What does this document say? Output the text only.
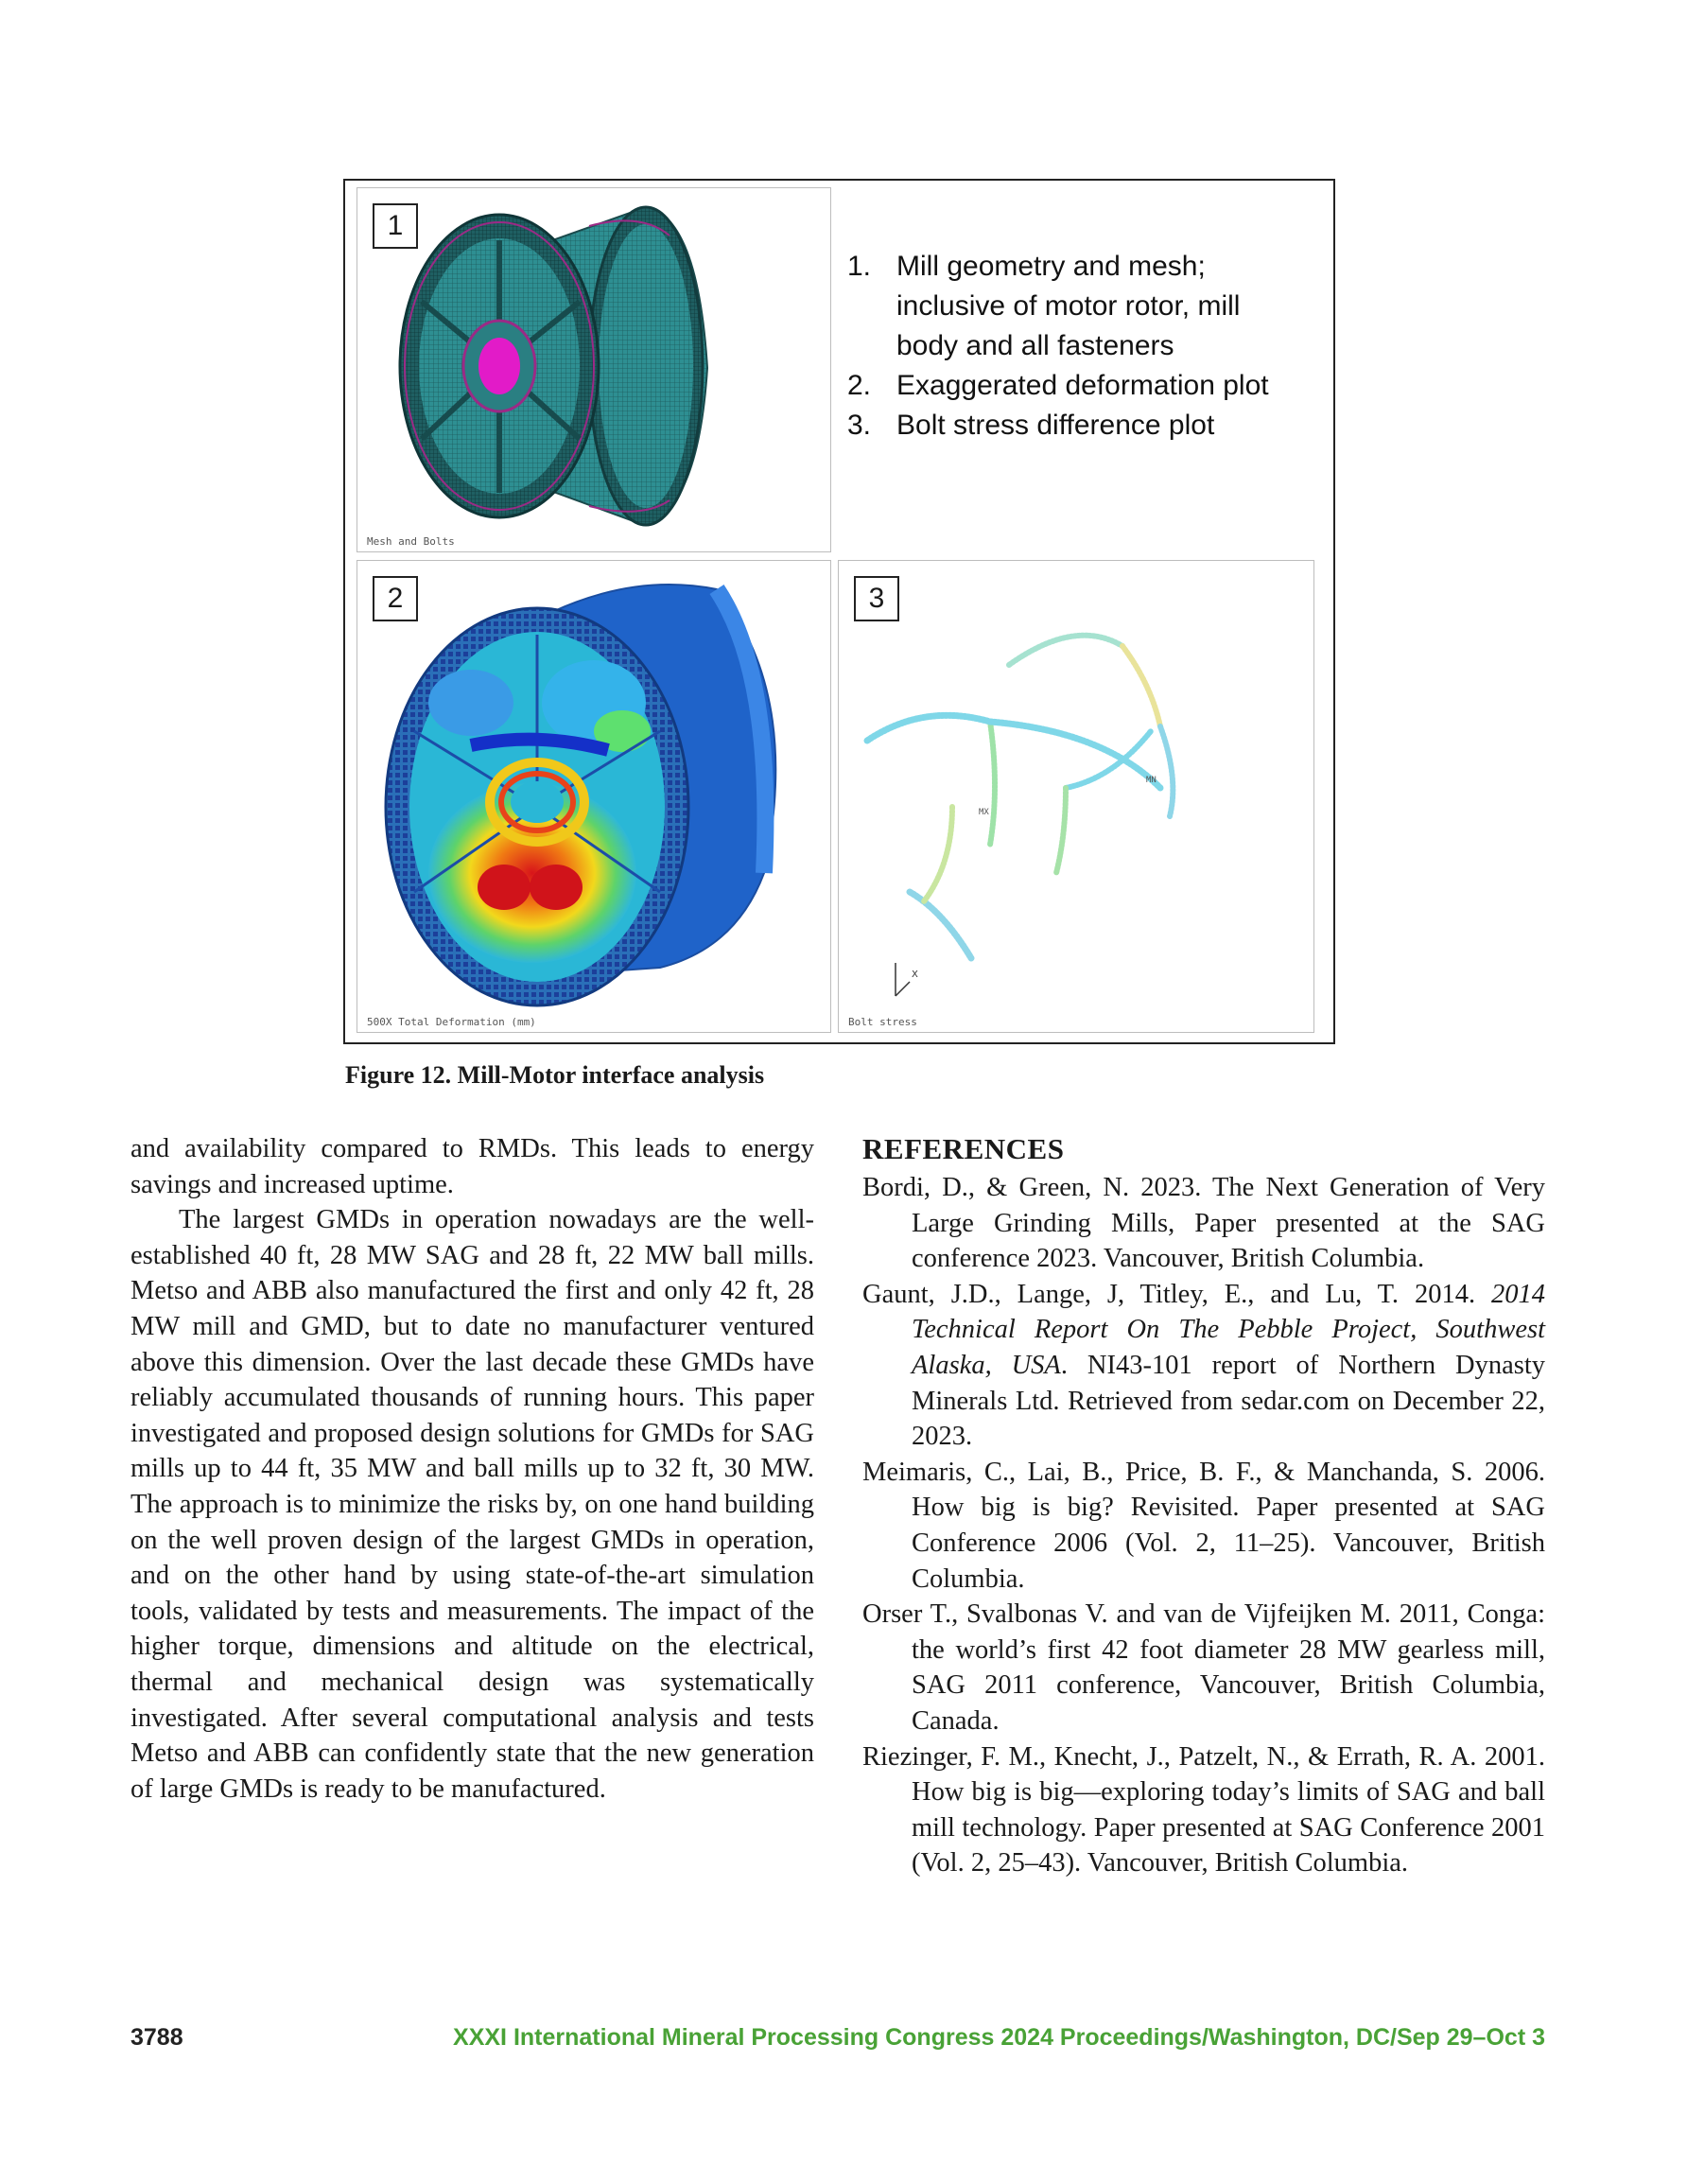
1
Mesh and Bolts
1. Mill geometry and mesh; inclusive of motor rotor, mill body and all fasteners
2. Exaggerated deformation plot
3. Bolt stress difference plot
2
500X Total Deformation (mm)
MX
MN
X
3
Bolt stress
Figure 12. Mill-Motor interface analysis

and availability compared to RMDs. This leads to energy savings and increased uptime.

The largest GMDs in operation nowadays are the well-established 40 ft, 28 MW SAG and 28 ft, 22 MW ball mills. Metso and ABB also manufactured the first and only 42 ft, 28 MW mill and GMD, but to date no manufacturer ventured above this dimension. Over the last decade these GMDs have reliably accumulated thousands of running hours. This paper investigated and proposed design solutions for GMDs for SAG mills up to 44 ft, 35 MW and ball mills up to 32 ft, 30 MW. The approach is to minimize the risks by, on one hand building on the well proven design of the largest GMDs in operation, and on the other hand by using state-of-the-art simulation tools, validated by tests and measurements. The impact of the higher torque, dimensions and altitude on the electrical, thermal and mechanical design was systematically investigated. After several computational analysis and tests Metso and ABB can confidently state that the new generation of large GMDs is ready to be manufactured.

REFERENCES

Bordi, D., & Green, N. 2023. The Next Generation of Very Large Grinding Mills, Paper presented at the SAG conference 2023. Vancouver, British Columbia.

Gaunt, J.D., Lange, J, Titley, E., and Lu, T. 2014. 2014 Technical Report On The Pebble Project, Southwest Alaska, USA. NI43-101 report of Northern Dynasty Minerals Ltd. Retrieved from sedar.com on December 22, 2023.

Meimaris, C., Lai, B., Price, B. F., & Manchanda, S. 2006. How big is big? Revisited. Paper presented at SAG Conference 2006 (Vol. 2, 11–25). Vancouver, British Columbia.

Orser T., Svalbonas V. and van de Vijfeijken M. 2011, Conga: the world’s first 42 foot diameter 28 MW gearless mill, SAG 2011 conference, Vancouver, British Columbia, Canada.

Riezinger, F. M., Knecht, J., Patzelt, N., & Errath, R. A. 2001. How big is big—exploring today’s limits of SAG and ball mill technology. Paper presented at SAG Conference 2001 (Vol. 2, 25–43). Vancouver, British Columbia.

3788	XXXI International Mineral Processing Congress 2024 Proceedings/Washington, DC/Sep 29–Oct 3
